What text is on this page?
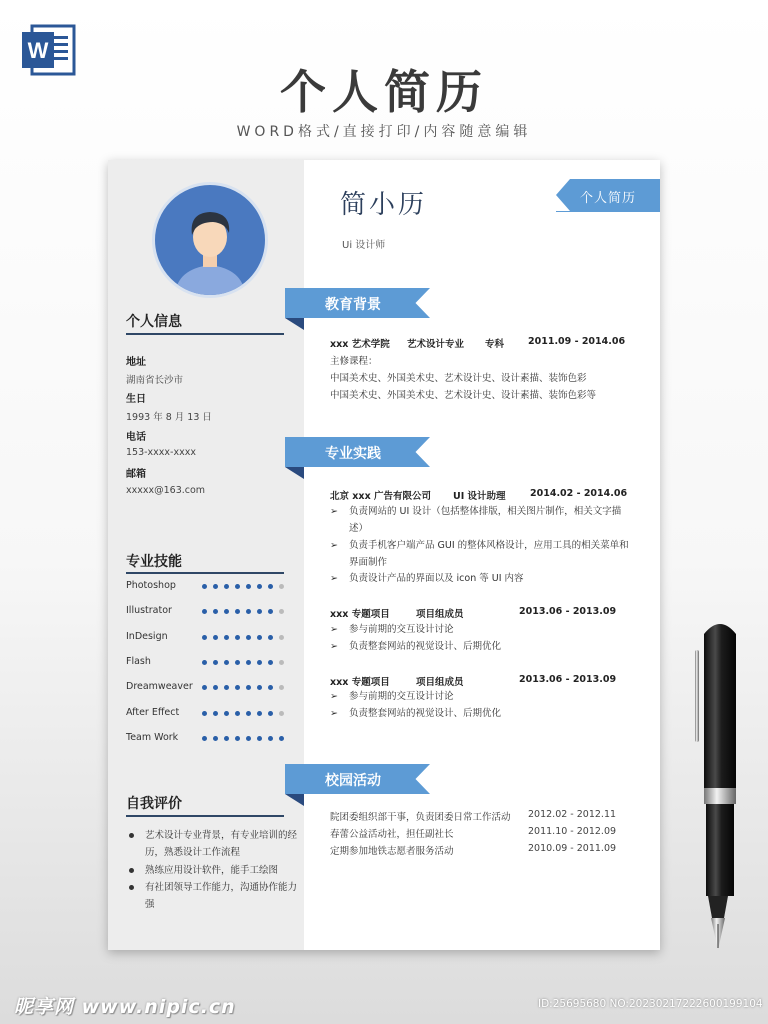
W
个人简历
WORD格式/直接打印/内容随意编辑
个人信息
地址
湖南省长沙市
生日
1993 年 8 月 13 日
电话
153-xxxx-xxxx
邮箱
xxxxx@163.com
专业技能
Photoshop
Illustrator
InDesign
Flash
Dreamweaver
After Effect
Team Work
自我评价
艺术设计专业背景，有专业培训的经历，熟悉设计工作流程
熟练应用设计软件，能手工绘图
有社团领导工作能力，沟通协作能力强
个人简历
简小历
Ui 设计师
教育背景
xxx 艺术学院 艺术设计专业 专科	2011.09 - 2014.06
主修课程：
中国美术史、外国美术史、艺术设计史、设计素描、装饰色彩
中国美术史、外国美术史、艺术设计史、设计素描、装饰色彩等
专业实践
北京 xxx 广告有限公司 UI 设计助理	2014.02 - 2014.06
➢ 负责网站的 UI 设计（包括整体排版，相关图片制作，相关文字描述）
➢ 负责手机客户端产品 GUI 的整体风格设计，应用工具的相关菜单和界面制作
➢ 负责设计产品的界面以及 icon 等 UI 内容
xxx 专题项目	项目组成员	2013.06 - 2013.09
➢ 参与前期的交互设计讨论
➢ 负责整套网站的视觉设计、后期优化
xxx 专题项目	项目组成员	2013.06 - 2013.09
➢ 参与前期的交互设计讨论
➢ 负责整套网站的视觉设计、后期优化
校园活动
院团委组织部干事，负责团委日常工作活动 2012.02 - 2012.11
春蕾公益活动社，担任副社长	2011.10 - 2012.09
定期参加地铁志愿者服务活动	2010.09 - 2011.09
昵享网 www.nipic.cn	ID:25695680 NO:20230217222600199104
